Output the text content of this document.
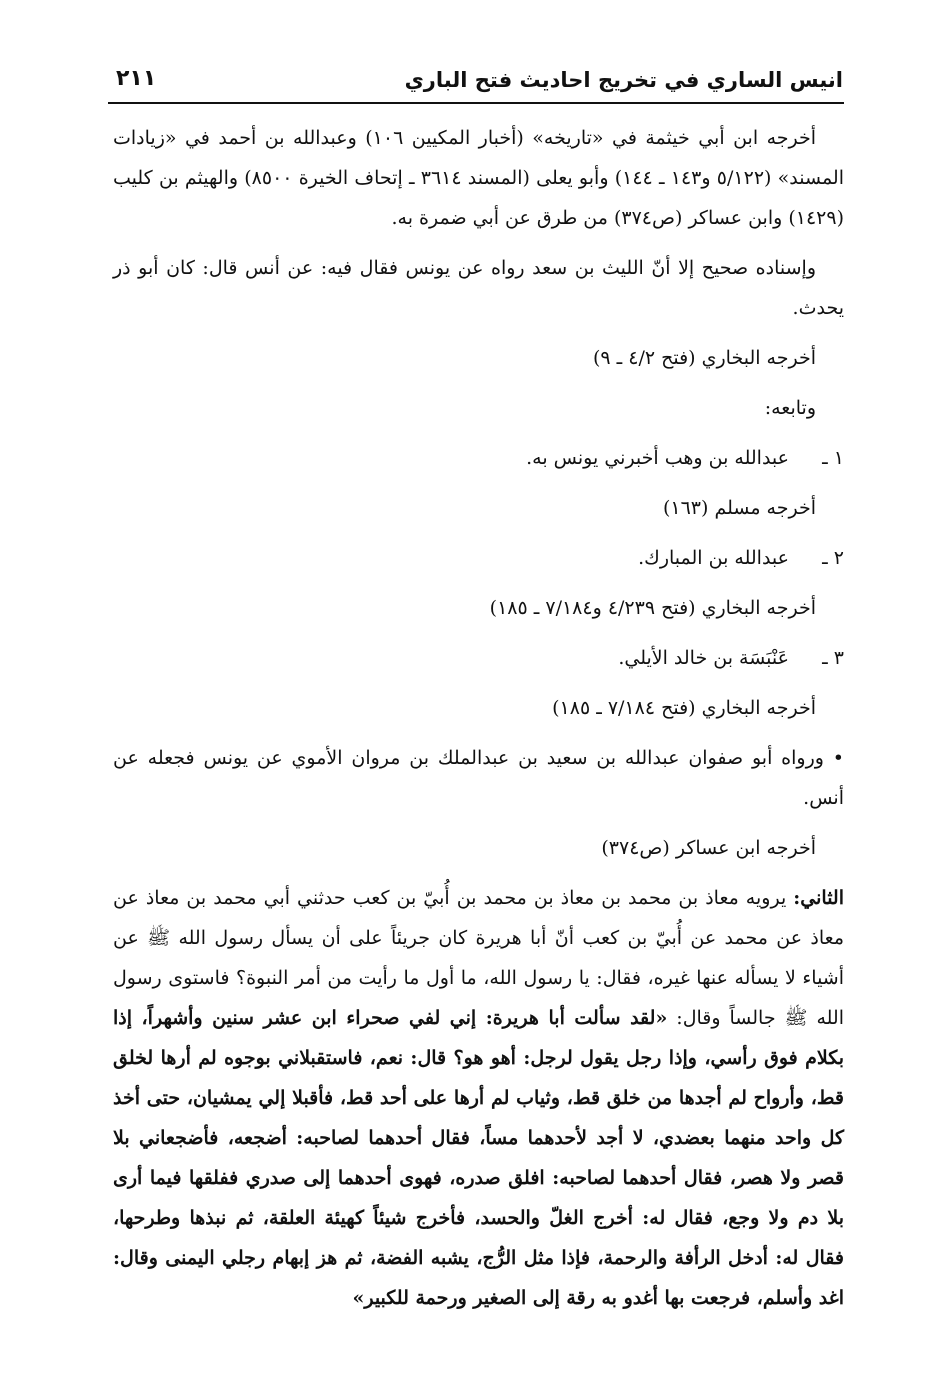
انيس الساري في تخريج احاديث فتح الباري
٢١١

أخرجه ابن أبي خيثمة في «تاريخه» (أخبار المكيين ١٠٦) وعبدالله بن أحمد في «زيادات المسند» (٥/١٢٢ و١٤٣ ـ ١٤٤) وأبو يعلى (المسند ٣٦١٤ ـ إتحاف الخيرة ٨٥٠٠) والهيثم بن كليب (١٤٢٩) وابن عساكر (ص٣٧٤) من طرق عن أبي ضمرة به.

وإسناده صحيح إلا أنّ الليث بن سعد رواه عن يونس فقال فيه: عن أنس قال: كان أبو ذر يحدث.

أخرجه البخاري (فتح ٤/٢ ـ ٩)

وتابعه:

١ ـعبدالله بن وهب أخبرني يونس به.

أخرجه مسلم (١٦٣)

٢ ـعبدالله بن المبارك.

أخرجه البخاري (فتح ٤/٢٣٩ و٧/١٨٤ ـ ١٨٥)

٣ ـعَنْبَسَة بن خالد الأيلي.

أخرجه البخاري (فتح ٧/١٨٤ ـ ١٨٥)

• ورواه أبو صفوان عبدالله بن سعيد بن عبدالملك بن مروان الأموي عن يونس فجعله عن أنس.

أخرجه ابن عساكر (ص٣٧٤)

الثاني: يرويه معاذ بن محمد بن معاذ بن محمد بن أُبيّ بن كعب حدثني أبي محمد بن معاذ عن معاذ عن محمد عن أُبيّ بن كعب أنّ أبا هريرة كان جريئاً على أن يسأل رسول الله ﷺ عن أشياء لا يسأله عنها غيره، فقال: يا رسول الله، ما أول ما رأيت من أمر النبوة؟ فاستوى رسول الله ﷺ جالساً وقال: «لقد سألت أبا هريرة: إني لفي صحراء ابن عشر سنين وأشهراً، إذا بكلام فوق رأسي، وإذا رجل يقول لرجل: أهو هو؟ قال: نعم، فاستقبلاني بوجوه لم أرها لخلق قط، وأرواح لم أجدها من خلق قط، وثياب لم أرها على أحد قط، فأقبلا إلي يمشيان، حتى أخذ كل واحد منهما بعضدي، لا أجد لأحدهما مساً، فقال أحدهما لصاحبه: أضجعه، فأضجعاني بلا قصر ولا هصر، فقال أحدهما لصاحبه: افلق صدره، فهوى أحدهما إلى صدري ففلقها فيما أرى بلا دم ولا وجع، فقال له: أخرج الغلّ والحسد، فأخرج شيئاً كهيئة العلقة، ثم نبذها وطرحها، فقال له: أدخل الرأفة والرحمة، فإذا مثل الرُّج، يشبه الفضة، ثم هز إبهام رجلي اليمنى وقال: اغد وأسلم، فرجعت بها أغدو به رقة إلى الصغير ورحمة للكبير»
